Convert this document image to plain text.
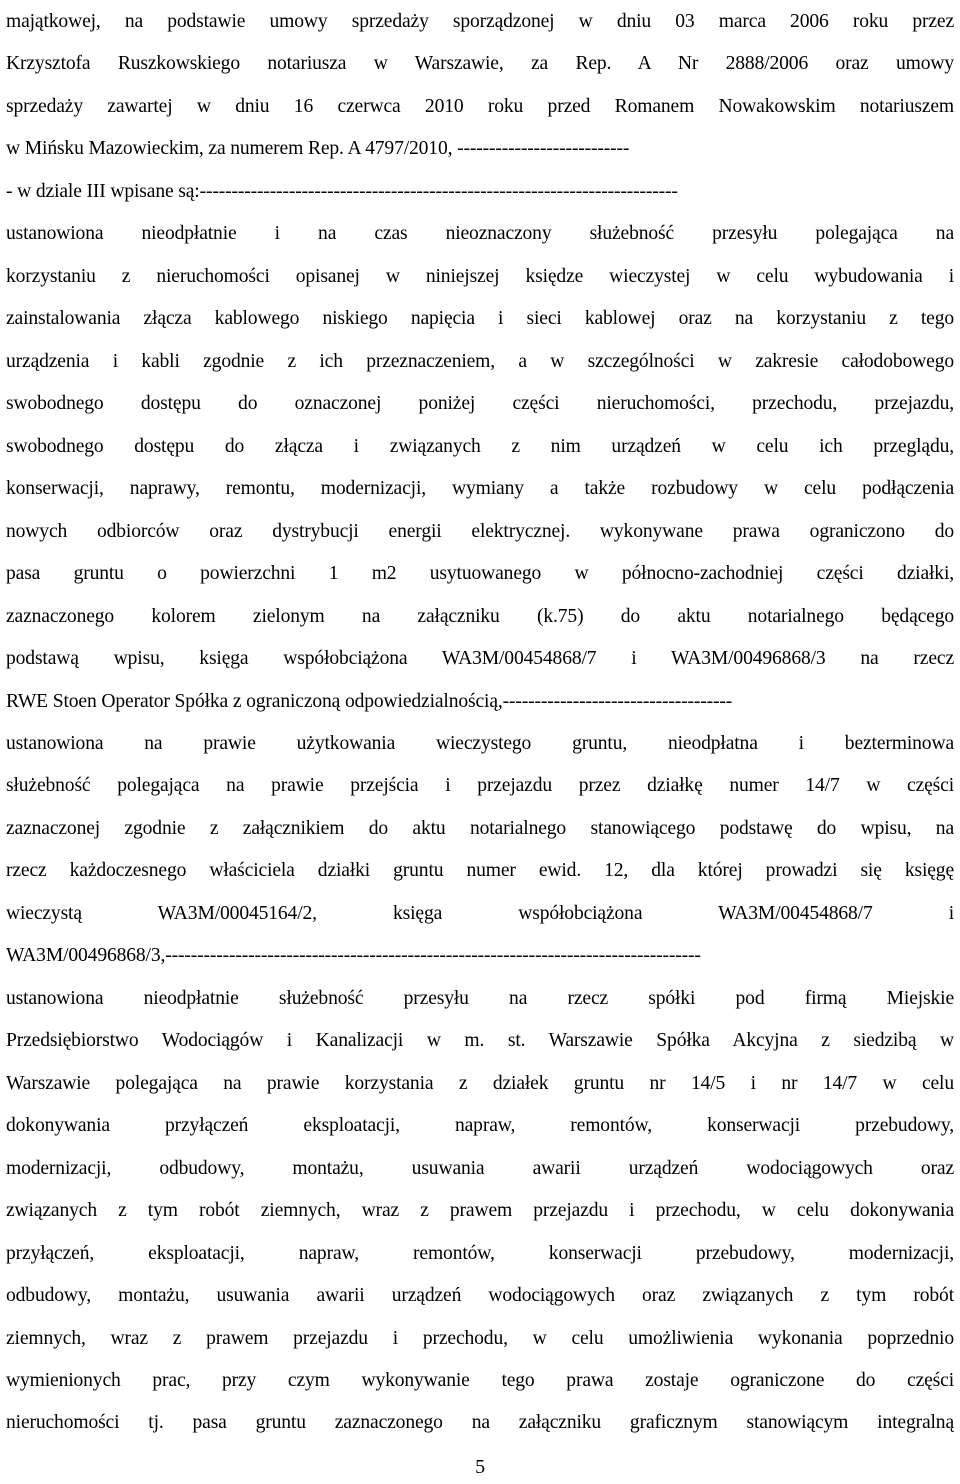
majątkowej, na podstawie umowy sprzedaży sporządzonej w dniu 03 marca 2006 roku przez
Krzysztofa Ruszkowskiego notariusza w Warszawie, za Rep. A Nr 2888/2006 oraz umowy
sprzedaży zawartej w dniu 16 czerwca 2010 roku przed Romanem Nowakowskim notariuszem
w Mińsku Mazowieckim, za numerem Rep. A 4797/2010, ---------------------------
- w dziale III wpisane są:---------------------------------------------------------------------------
ustanowiona nieodpłatnie i na czas nieoznaczony służebność przesyłu polegająca na
korzystaniu z nieruchomości opisanej w niniejszej księdze wieczystej w celu wybudowania i
zainstalowania złącza kablowego niskiego napięcia i sieci kablowej oraz na korzystaniu z tego
urządzenia i kabli zgodnie z ich przeznaczeniem, a w szczególności w zakresie całodobowego
swobodnego dostępu do oznaczonej poniżej części nieruchomości, przechodu, przejazdu,
swobodnego dostępu do złącza i związanych z nim urządzeń w celu ich przeglądu,
konserwacji, naprawy, remontu, modernizacji, wymiany a także rozbudowy w celu podłączenia
nowych odbiorców oraz dystrybucji energii elektrycznej. wykonywane prawa ograniczono do
pasa gruntu o powierzchni 1 m2 usytuowanego w północno-zachodniej części działki,
zaznaczonego kolorem zielonym na załączniku (k.75) do aktu notarialnego będącego
podstawą wpisu, księga współobciążona WA3M/00454868/7 i WA3M/00496868/3 na rzecz
RWE Stoen Operator Spółka z ograniczoną odpowiedzialnością,------------------------------------
ustanowiona na prawie użytkowania wieczystego gruntu, nieodpłatna i bezterminowa
służebność polegająca na prawie przejścia i przejazdu przez działkę numer 14/7 w części
zaznaczonej zgodnie z załącznikiem do aktu notarialnego stanowiącego podstawę do wpisu, na
rzecz każdoczesnego właściciela działki gruntu numer ewid. 12, dla której prowadzi się księgę
wieczystą WA3M/00045164/2, księga współobciążona WA3M/00454868/7 i
WA3M/00496868/3,------------------------------------------------------------------------------------
ustanowiona nieodpłatnie służebność przesyłu na rzecz spółki pod firmą Miejskie
Przedsiębiorstwo Wodociągów i Kanalizacji w m. st. Warszawie Spółka Akcyjna z siedzibą w
Warszawie polegająca na prawie korzystania z działek gruntu nr 14/5 i nr 14/7 w celu
dokonywania przyłączeń eksploatacji, napraw, remontów, konserwacji przebudowy,
modernizacji, odbudowy, montażu, usuwania awarii urządzeń wodociągowych oraz
związanych z tym robót ziemnych, wraz z prawem przejazdu i przechodu, w celu dokonywania
przyłączeń, eksploatacji, napraw, remontów, konserwacji przebudowy, modernizacji,
odbudowy, montażu, usuwania awarii urządzeń wodociągowych oraz związanych z tym robót
ziemnych, wraz z prawem przejazdu i przechodu, w celu umożliwienia wykonania poprzednio
wymienionych prac, przy czym wykonywanie tego prawa zostaje ograniczone do części
nieruchomości tj. pasa gruntu zaznaczonego na załączniku graficznym stanowiącym integralną
5
